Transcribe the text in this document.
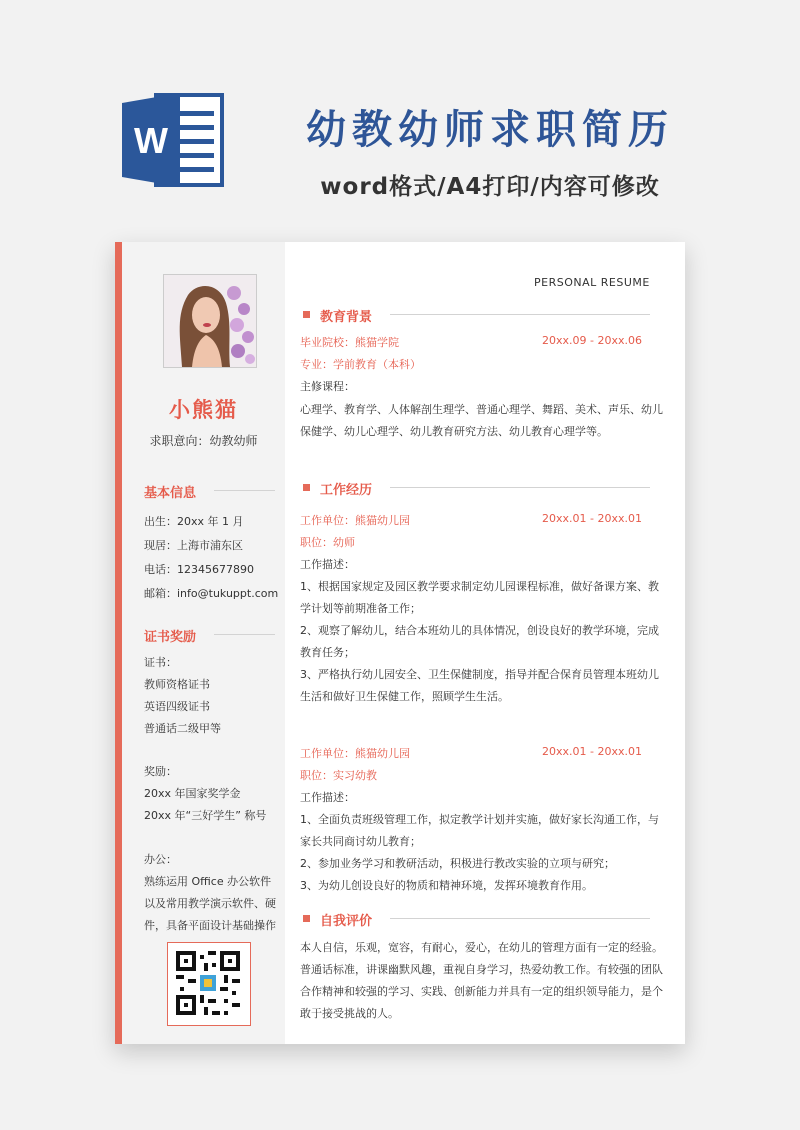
W	幼教幼师求职简历
word格式/A4打印/内容可修改
小熊猫
求职意向：幼教幼师
基本信息
出生：20xx 年 1 月
现居：上海市浦东区
电话：12345677890
邮箱：info@tukuppt.com
证书奖励
证书：
教师资格证书
英语四级证书
普通话二级甲等
奖励：
20xx 年国家奖学金
20xx 年“三好学生” 称号
办公：
熟练运用 Office 办公软件
以及常用教学演示软件、硬
件，具备平面设计基础操作
PERSONAL RESUME
教育背景
毕业院校：熊猫学院	20xx.09 - 20xx.06
专业：学前教育（本科）
主修课程：
心理学、教育学、人体解剖生理学、普通心理学、舞蹈、美术、声乐、幼儿
保健学、幼儿心理学、幼儿教育研究方法、幼儿教育心理学等。
工作经历
工作单位：熊猫幼儿园	20xx.01 - 20xx.01
职位：幼师
工作描述：
1、根据国家规定及园区教学要求制定幼儿园课程标准，做好备课方案、教
学计划等前期准备工作；
2、观察了解幼儿，结合本班幼儿的具体情况，创设良好的教学环境，完成
教育任务；
3、严格执行幼儿园安全、卫生保健制度，指导并配合保育员管理本班幼儿
生活和做好卫生保健工作，照顾学生生活。
工作单位：熊猫幼儿园	20xx.01 - 20xx.01
职位：实习幼教
工作描述：
1、全面负责班级管理工作，拟定教学计划并实施，做好家长沟通工作，与
家长共同商讨幼儿教育；
2、参加业务学习和教研活动，积极进行教改实验的立项与研究；
3、为幼儿创设良好的物质和精神环境，发挥环境教育作用。
自我评价
本人自信，乐观，宽容，有耐心，爱心，在幼儿的管理方面有一定的经验。
普通话标准，讲课幽默风趣，重视自身学习，热爱幼教工作。有较强的团队
合作精神和较强的学习、实践、创新能力并具有一定的组织领导能力，是个
敢于接受挑战的人。
